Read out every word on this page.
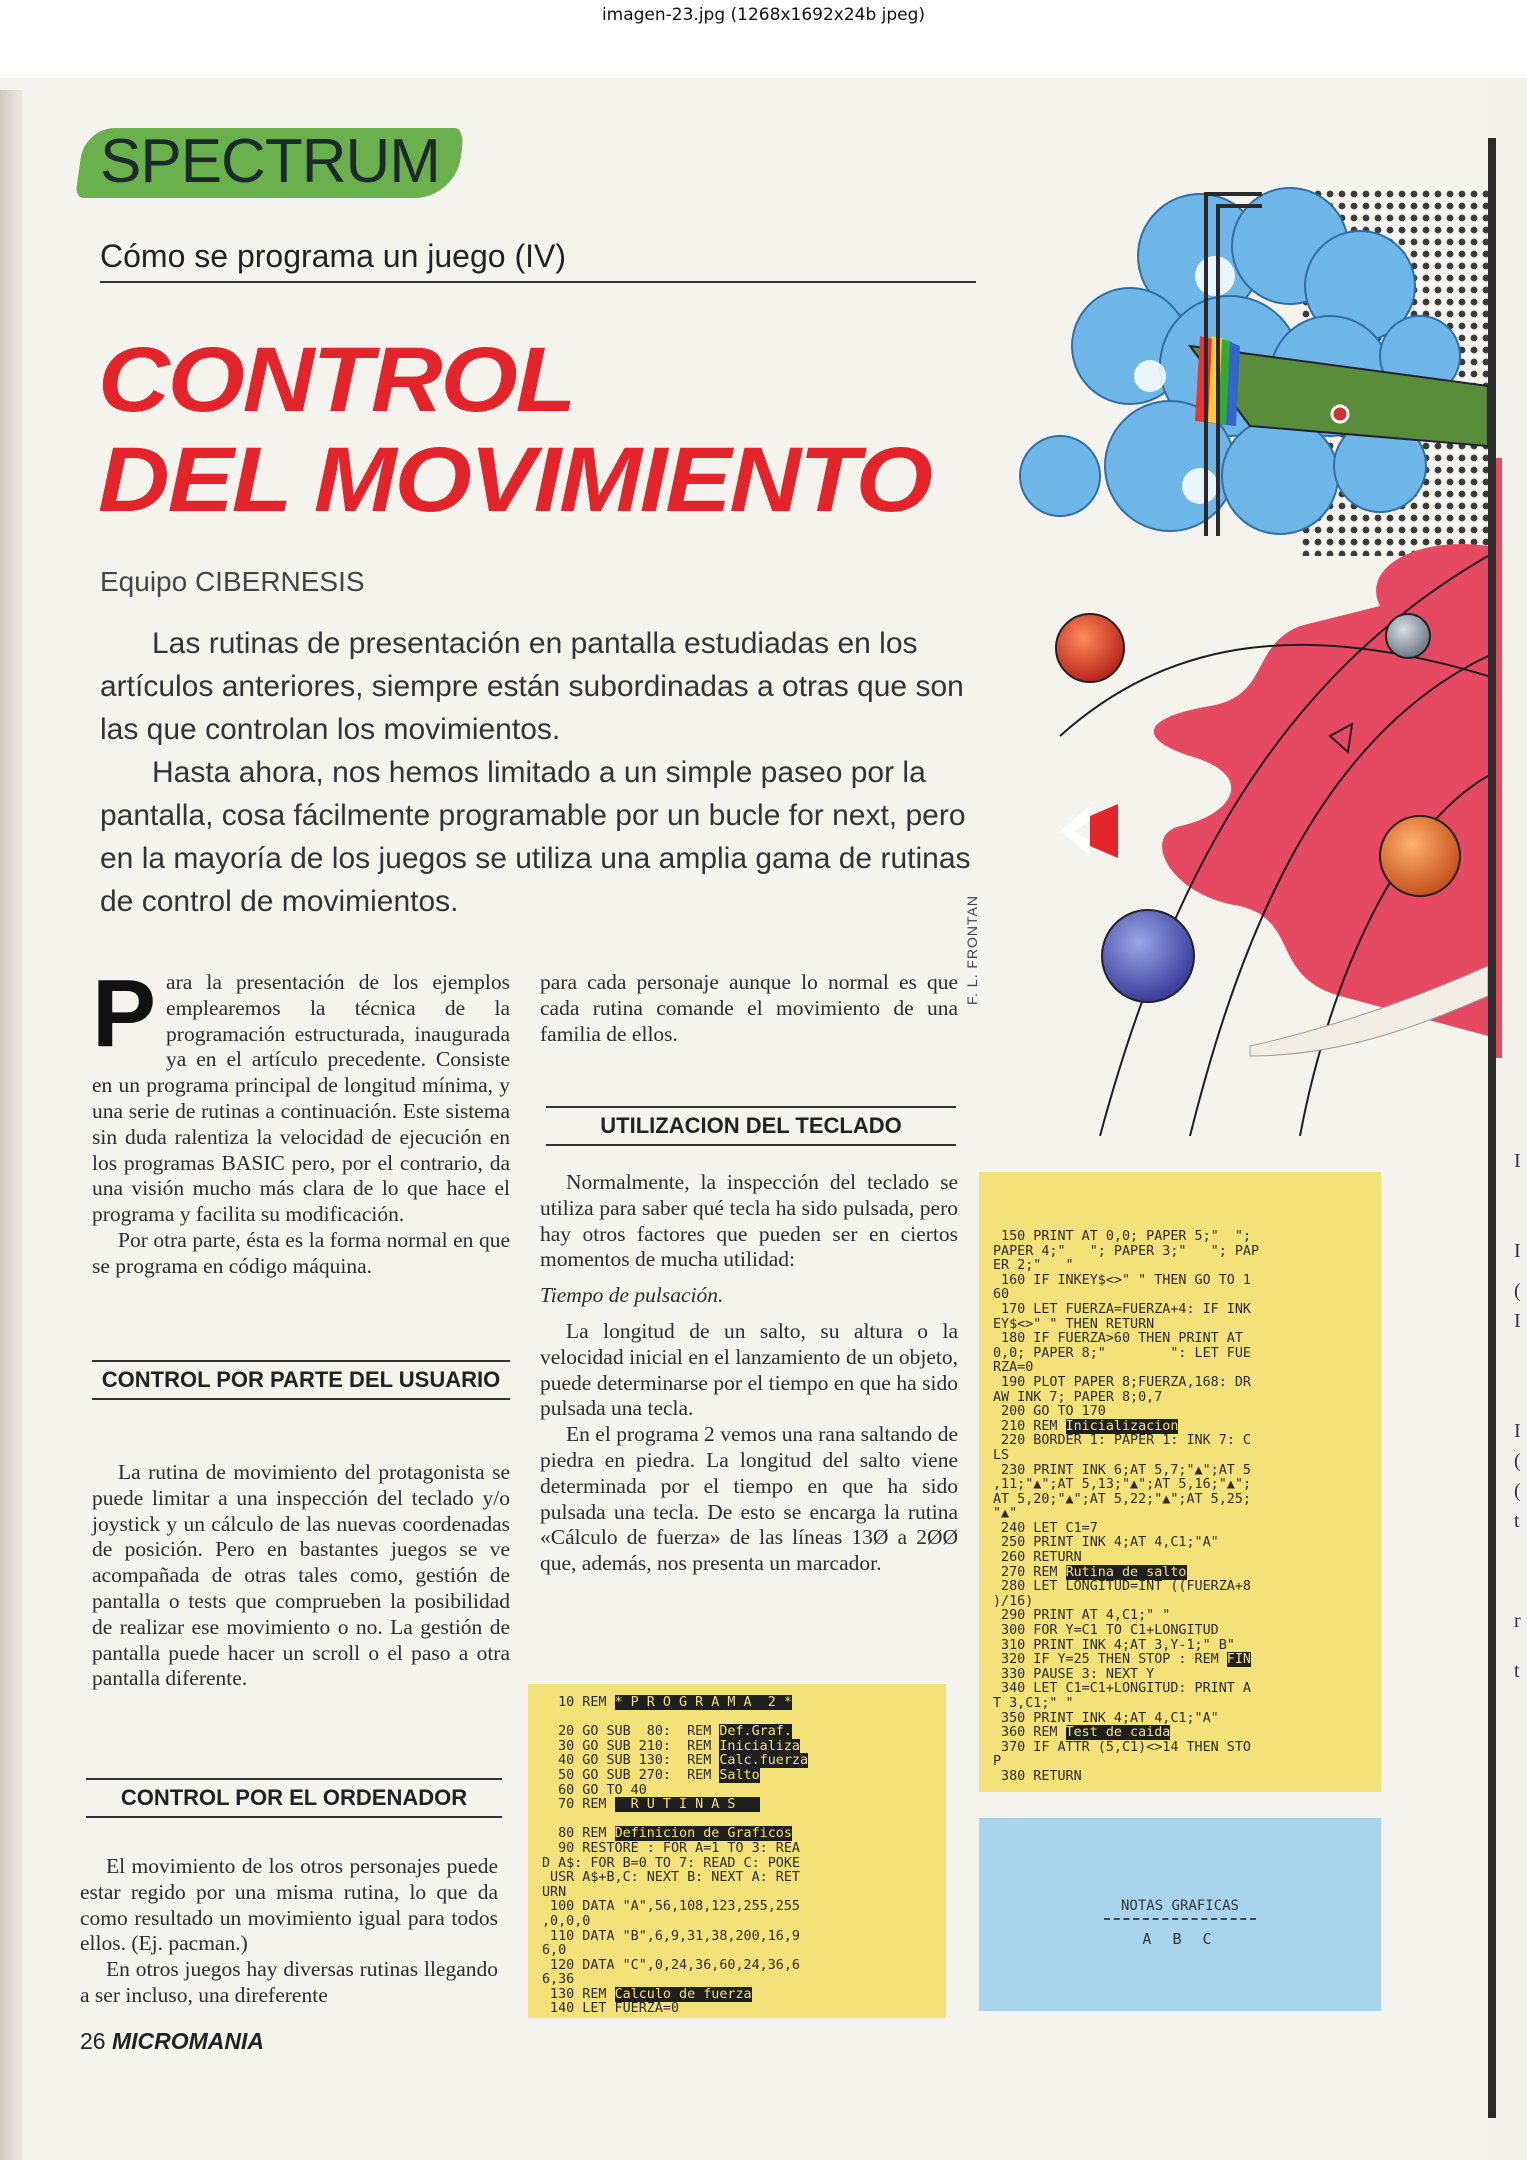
imagen-23.jpg (1268x1692x24b jpeg)
I
I
(
I
I
(
(
t
r
t
SPECTRUM
Cómo se programa un juego (IV)
CONTROL
DEL MOVIMIENTO
Equipo CIBERNESIS

Las rutinas de presentación en pantalla estudiadas en los artículos anteriores, siempre están subordinadas a otras que son las que controlan los movimientos.

Hasta ahora, nos hemos limitado a un simple paseo por la pantalla, cosa fácilmente programable por un bucle for next, pero en la mayoría de los juegos se utiliza una amplia gama de rutinas de control de movimientos.	F. L. FRONTAN

Para la presentación de los ejemplos emplearemos la técnica de la programación estructurada, inaugurada ya en el artículo precedente. Consiste en un programa principal de longitud mínima, y una serie de rutinas a continuación. Este sistema sin duda ralentiza la velocidad de ejecución en los programas BASIC pero, por el contrario, da una visión mucho más clara de lo que hace el programa y facilita su modificación.

Por otra parte, ésta es la forma normal en que se programa en código máquina.

CONTROL POR PARTE DEL USUARIO

La rutina de movimiento del protagonista se puede limitar a una inspección del teclado y/o joystick y un cálculo de las nuevas coordenadas de posición. Pero en bastantes juegos se ve acompañada de otras tales como, gestión de pantalla o tests que comprueben la posibilidad de realizar ese movimiento o no. La gestión de pantalla puede hacer un scroll o el paso a otra pantalla diferente.

CONTROL POR EL ORDENADOR

El movimiento de los otros personajes puede estar regido por una misma rutina, lo que da como resultado un movimiento igual para todos ellos. (Ej. pacman.)

En otros juegos hay diversas rutinas llegando a ser incluso, una direferente

para cada personaje aunque lo normal es que cada rutina comande el movimiento de una familia de ellos.

UTILIZACION DEL TECLADO

Normalmente, la inspección del teclado se utiliza para saber qué tecla ha sido pulsada, pero hay otros factores que pueden ser en ciertos momentos de mucha utilidad:

Tiempo de pulsación.

La longitud de un salto, su altura o la velocidad inicial en el lanzamiento de un objeto, puede determinarse por el tiempo en que ha sido pulsada una tecla.

En el programa 2 vemos una rana saltando de piedra en piedra. La longitud del salto viene determinada por el tiempo en que ha sido pulsada una tecla. De esto se encarga la rutina «Cálculo de fuerza» de las líneas 13Ø a 2ØØ que, además, nos presenta un marcador.

10 REM * P R O G R A M A  2 *

20 GO SUB  80:  REM Def.Graf.
30 GO SUB 210:  REM Inicializa
40 GO SUB 130:  REM Calc.fuerza
50 GO SUB 270:  REM Salto
60 GO TO 40
70 REM   R U T I N A S

80 REM Definicion de Graficos
90 RESTORE : FOR A=1 TO 3: REA
D A$: FOR B=0 TO 7: READ C: POKE
USR A$+B,C: NEXT B: NEXT A: RET
URN
100 DATA "A",56,108,123,255,255
,0,0,0
110 DATA "B",6,9,31,38,200,16,9
6,0
120 DATA "C",0,24,36,60,24,36,6
6,36
130 REM Calculo de fuerza
140 LET FUERZA=0
150 PRINT AT 0,0; PAPER 5;"  ";
PAPER 4;"   "; PAPER 3;"   "; PAP
ER 2;"   "
160 IF INKEY$<>" " THEN GO TO 1
60
170 LET FUERZA=FUERZA+4: IF INK
EY$<>" " THEN RETURN
180 IF FUERZA>60 THEN PRINT AT
0,0; PAPER 8;"        ": LET FUE
RZA=0
190 PLOT PAPER 8;FUERZA,168: DR
AW INK 7; PAPER 8;0,7
200 GO TO 170
210 REM Inicializacion
220 BORDER 1: PAPER 1: INK 7: C
LS
230 PRINT INK 6;AT 5,7;"▲";AT 5
,11;"▲";AT 5,13;"▲";AT 5,16;"▲";
AT 5,20;"▲";AT 5,22;"▲";AT 5,25;
"▲"
240 LET C1=7
250 PRINT INK 4;AT 4,C1;"A"
260 RETURN
270 REM Rutina de salto
280 LET LONGITUD=INT ((FUERZA+8
)/16)
290 PRINT AT 4,C1;" "
300 FOR Y=C1 TO C1+LONGITUD
310 PRINT INK 4;AT 3,Y-1;" B"
320 IF Y=25 THEN STOP : REM FIN
330 PAUSE 3: NEXT Y
340 LET C1=C1+LONGITUD: PRINT A
T 3,C1;" "
350 PRINT INK 4;AT 4,C1;"A"
360 REM Test de caida
370 IF ATTR (5,C1)<>14 THEN STO
P
380 RETURN
NOTAS GRAFICAS
A B C
26 MICROMANIA
